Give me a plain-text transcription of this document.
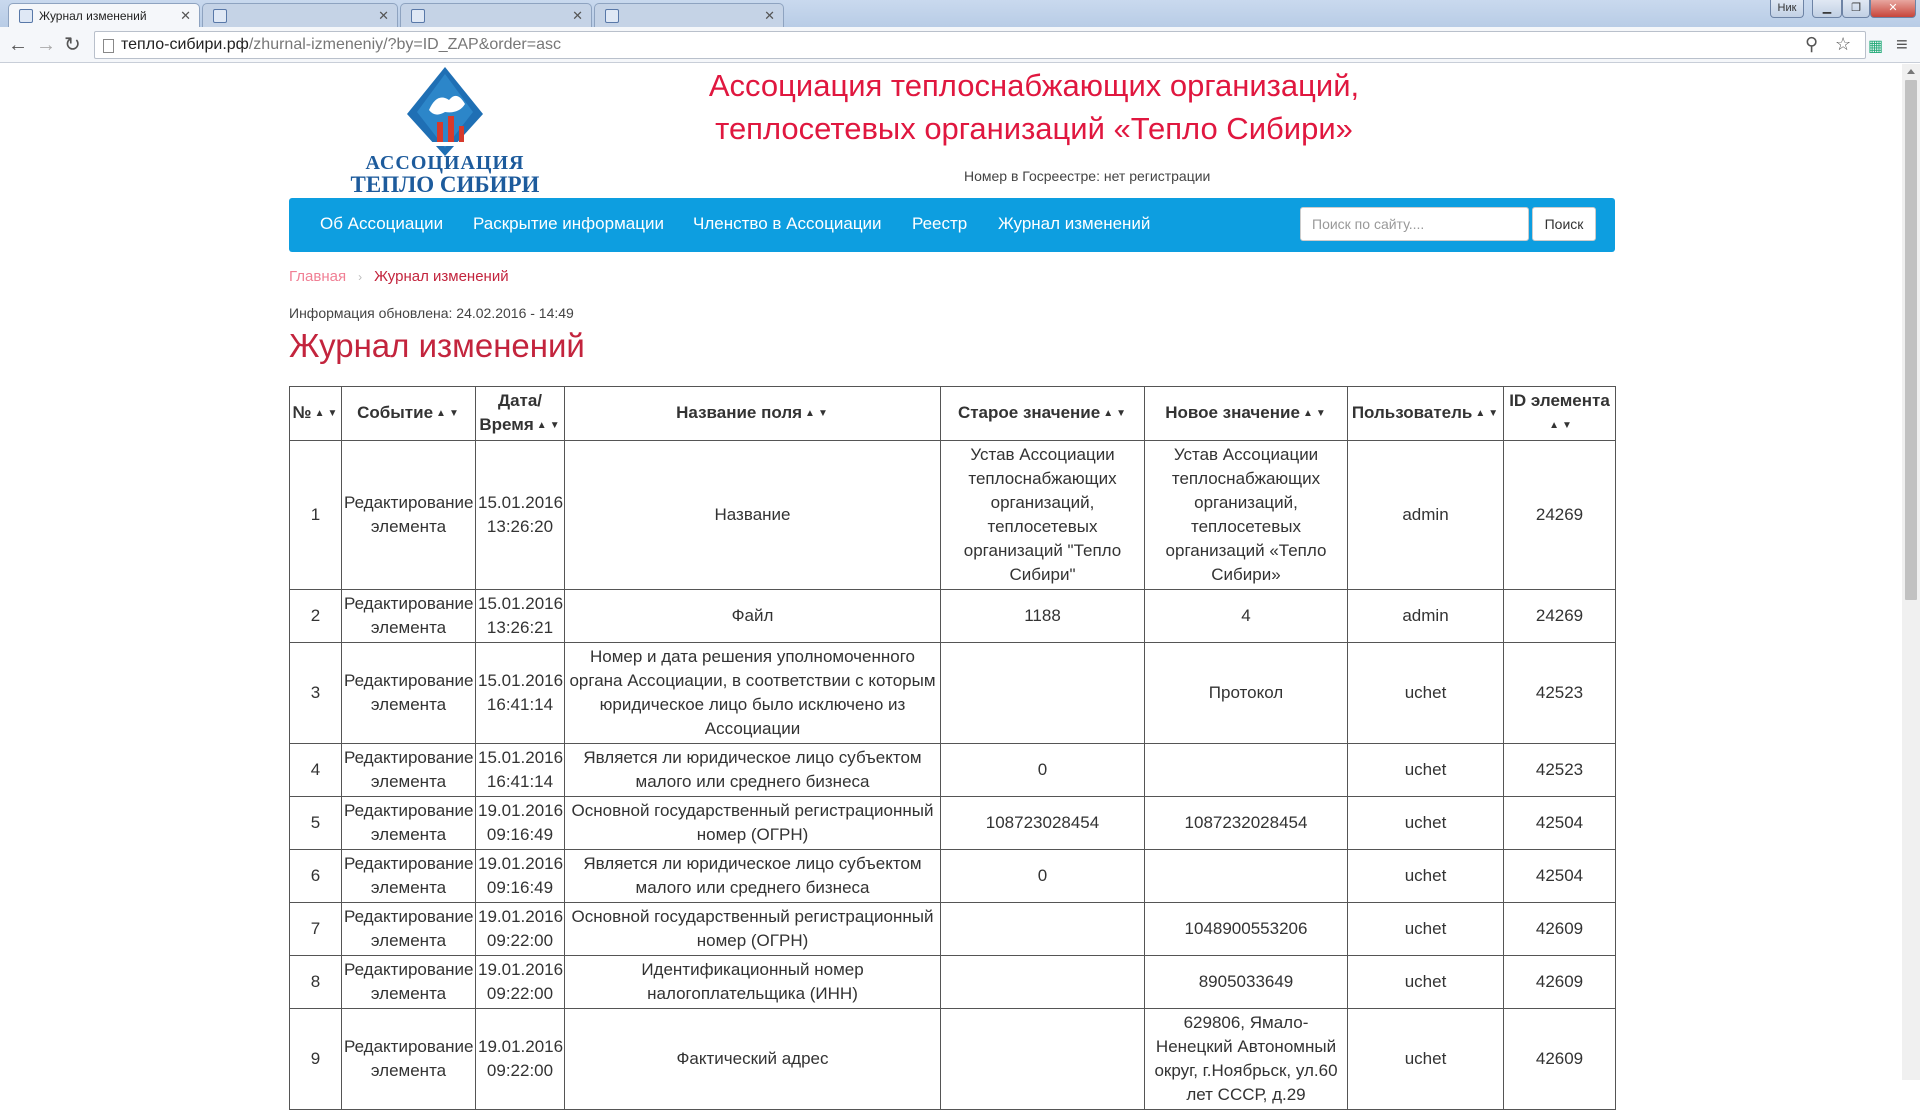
Журнал изменений	✕	✕	✕	✕	Ник	▁	❐	✕
← → ↻	тепло-сибири.рф/zhurnal-izmeneniy/?by=ID_ZAP&order=asc	⚲ ☆ ▦ ≡
АССОЦИАЦИЯ
ТЕПЛО СИБИРИ
Ассоциация теплоснабжающих организаций, теплосетевых организаций «Тепло Сибири»
Номер в Госреестре: нет регистрации
Об Ассоциации Раскрытие информации Членство в Ассоциации Реестр Журнал изменений
Поиск по сайту....	Поиск
Главная › Журнал изменений
Информация обновлена: 24.02.2016 - 14:49
Журнал изменений
№ ▲ ▼	Событие ▲ ▼	Дата/ Время ▲ ▼	Название поля ▲ ▼	Старое значение ▲ ▼	Новое значение ▲ ▼	Пользователь ▲ ▼	ID элемента▲ ▼
1	Редактирование элемента	15.01.2016 13:26:20	Название	Устав Ассоциации теплоснабжающих организаций, теплосетевых организаций "Тепло Сибири"	Устав Ассоциации теплоснабжающих организаций, теплосетевых организаций «Тепло Сибири»	admin	24269
2	Редактирование элемента	15.01.2016 13:26:21	Файл	1188	4	admin	24269
3	Редактирование элемента	15.01.2016 16:41:14	Номер и дата решения уполномоченного органа Ассоциации, в соответствии с которым юридическое лицо было исключено из Ассоциации		Протокол	uchet	42523
4	Редактирование элемента	15.01.2016 16:41:14	Является ли юридическое лицо субъектом малого или среднего бизнеса	0		uchet	42523
5	Редактирование элемента	19.01.2016 09:16:49	Основной государственный регистрационный номер (ОГРН)	108723028454	1087232028454	uchet	42504
6	Редактирование элемента	19.01.2016 09:16:49	Является ли юридическое лицо субъектом малого или среднего бизнеса	0		uchet	42504
7	Редактирование элемента	19.01.2016 09:22:00	Основной государственный регистрационный номер (ОГРН)		1048900553206	uchet	42609
8	Редактирование элемента	19.01.2016 09:22:00	Идентификационный номер налогоплательщика (ИНН)		8905033649	uchet	42609
9	Редактирование элемента	19.01.2016 09:22:00	Фактический адрес		629806, Ямало-Ненецкий Автономный округ, г.Ноябрьск, ул.60 лет СССР, д.29	uchet	42609
